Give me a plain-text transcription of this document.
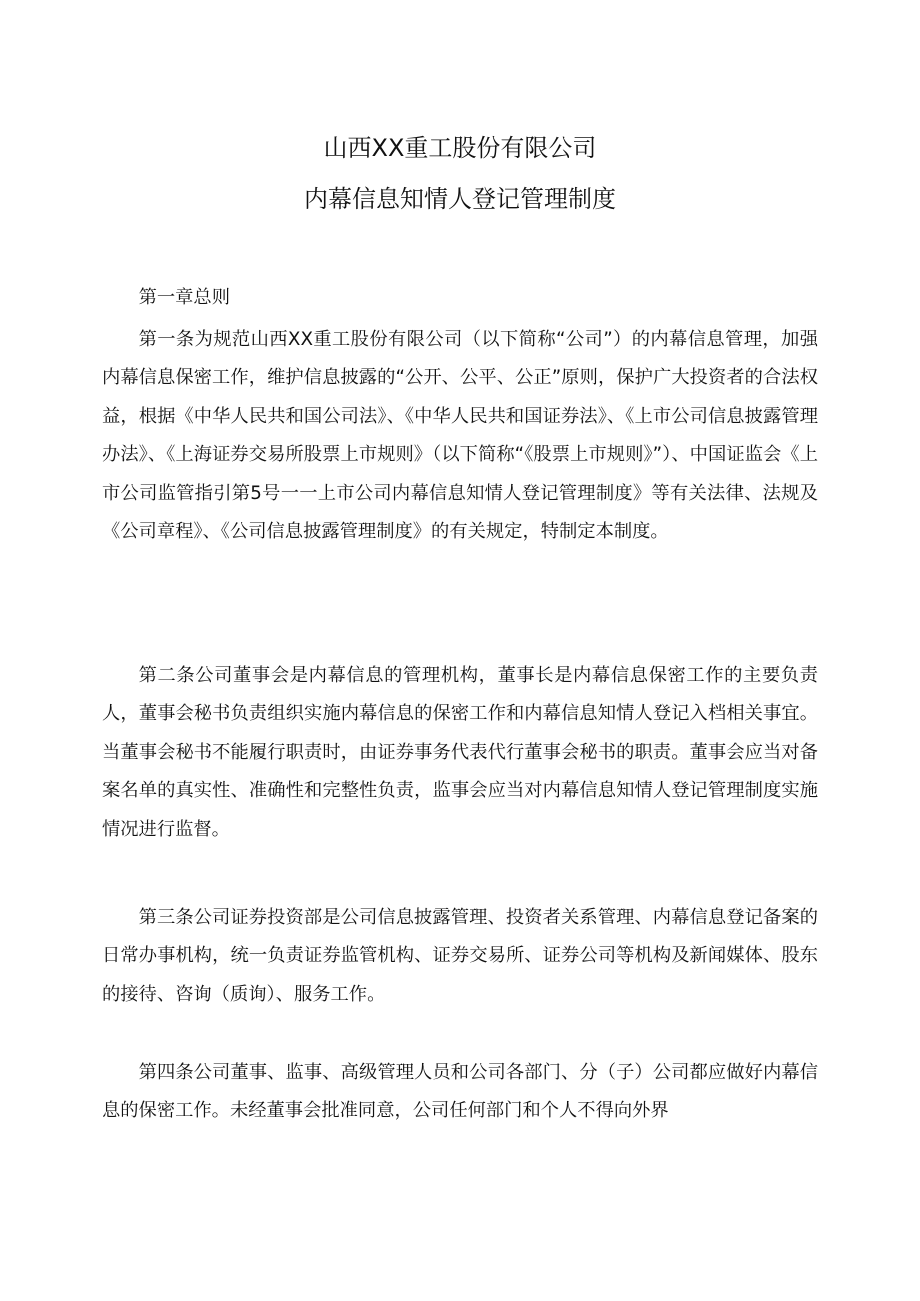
山西XX重工股份有限公司
内幕信息知情人登记管理制度

第一章总则

第一条为规范山西XX重工股份有限公司（以下简称“公司”）的内幕信息管理，加强内幕信息保密工作，维护信息披露的“公开、公平、公正”原则，保护广大投资者的合法权益，根据《中华人民共和国公司法》、《中华人民共和国证券法》、《上市公司信息披露管理办法》、《上海证券交易所股票上市规则》（以下简称“《股票上市规则》”）、中国证监会《上市公司监管指引第5号一一上市公司内幕信息知情人登记管理制度》等有关法律、法规及《公司章程》、《公司信息披露管理制度》的有关规定，特制定本制度。

第二条公司董事会是内幕信息的管理机构，董事长是内幕信息保密工作的主要负责人，董事会秘书负责组织实施内幕信息的保密工作和内幕信息知情人登记入档相关事宜。当董事会秘书不能履行职责时，由证券事务代表代行董事会秘书的职责。董事会应当对备案名单的真实性、准确性和完整性负责，监事会应当对内幕信息知情人登记管理制度实施情况进行监督。

第三条公司证券投资部是公司信息披露管理、投资者关系管理、内幕信息登记备案的日常办事机构，统一负责证券监管机构、证券交易所、证券公司等机构及新闻媒体、股东的接待、咨询（质询）、服务工作。

第四条公司董事、监事、高级管理人员和公司各部门、分（子）公司都应做好内幕信息的保密工作。未经董事会批准同意，公司任何部门和个人不得向外界
